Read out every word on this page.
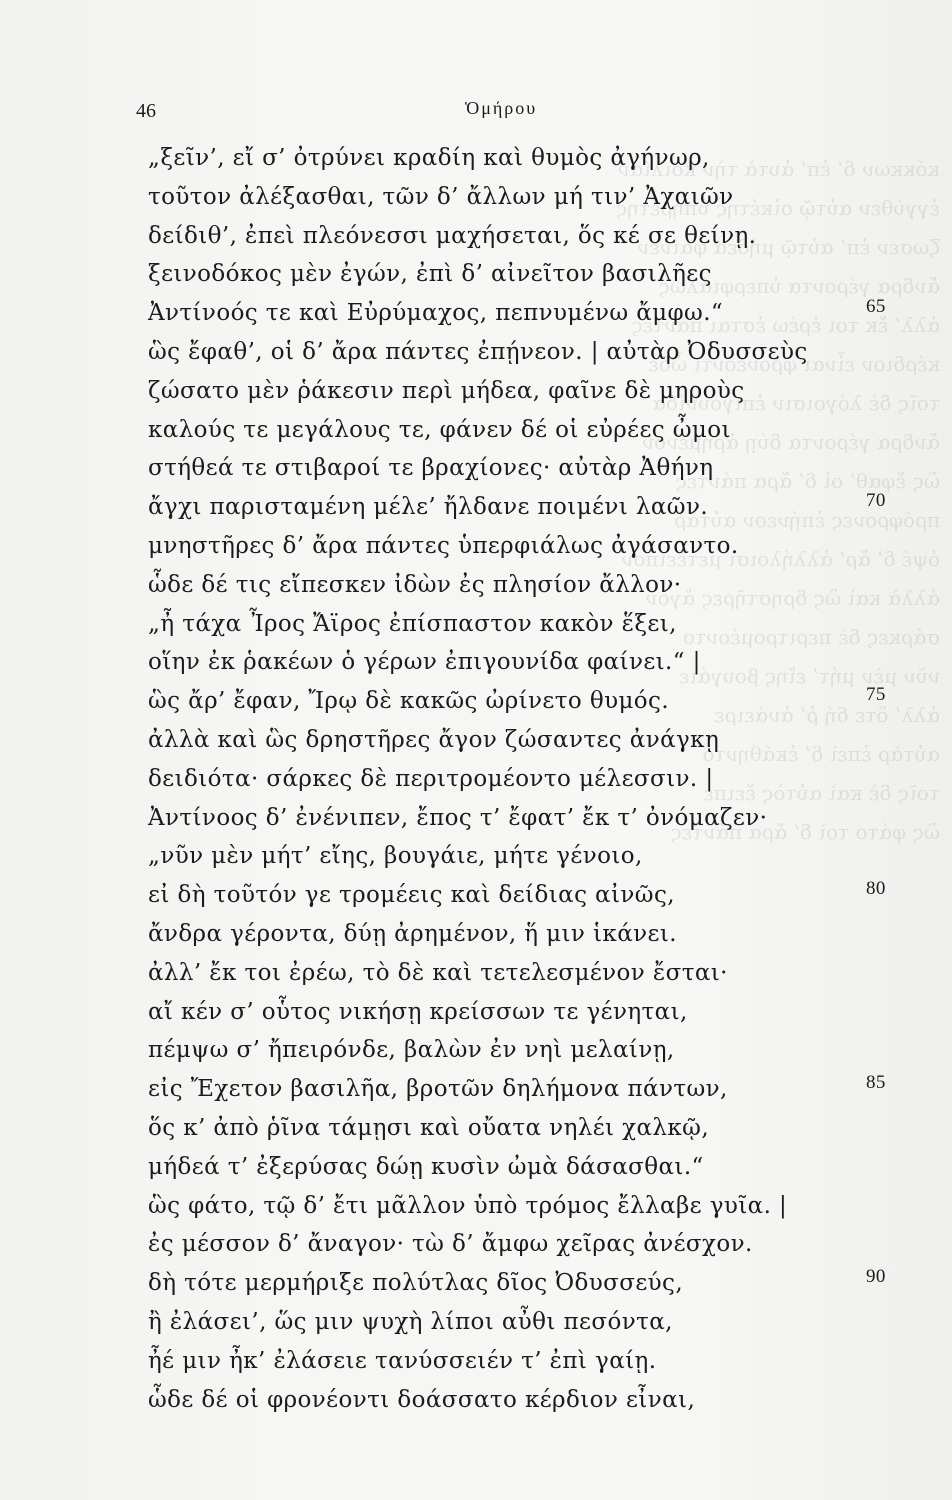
κόκκων δ’ ἐπ’ ἀυτὰ τὴν κοιλίαν
ἐγγύθεν αὐτῷ οἰκέτης ὑπηρέτης
ζωσεν ἐπ’ αὐτῷ μήδεα φαίνεν
ἄνδρα γέροντα ὑπερφιάλως
ἀλλ’ ἔκ τοι ἐρέω ἐσται πάντες
κέρδιον εἶναι φρονέοντι ὧδε
τοῖς δὲ λόγοισιν ἐπιγουνίδα
ἄνδρα γέροντα δύῃ ἀρημένον
ὣς ἔφαθ’ οἱ δ’ ἄρα πάντες
πρόφρονες ἐπῄνεον αὐτὰρ
ὀψέ δ’ ἄρ’ ἀλλήλοισι μετέειπον
ἀλλὰ καὶ ὣς δρηστῆρες ἄγον
σάρκες δὲ περιτρομέοντο
νῦν μὲν μήτ’ εἴης βουγάιε
ἀλλ’ ὅτε δή ῥ’ ἀνάειρε
αὐτὰρ ἐπεὶ δ’ ἐκάθηντο
τοῖς δὲ καὶ αὐτὸς ἔειπε
ὣς φάτο τοὶ δ’ ἄρα πάντες
46	Ὁμήρου
„ξεῖν’, εἴ σ’ ὀτρύνει κραδίη καὶ θυμὸς ἀγήνωρ,
τοῦτον ἀλέξασθαι, τῶν δ’ ἄλλων μή τιν’ Ἀχαιῶν
δείδιθ’, ἐπεὶ πλεόνεσσι μαχήσεται, ὅς κέ σε θείνῃ.
ξεινοδόκος μὲν ἐγών, ἐπὶ δ’ αἰνεῖτον βασιλῆες
Ἀντίνοός τε καὶ Εὐρύμαχος, πεπνυμένω ἄμφω.“	65
ὣς ἔφαθ’, οἱ δ’ ἄρα πάντες ἐπῄνεον. | αὐτὰρ Ὀδυσσεὺς
ζώσατο μὲν ῥάκεσιν περὶ μήδεα, φαῖνε δὲ μηροὺς
καλούς τε μεγάλους τε, φάνεν δέ οἱ εὐρέες ὦμοι
στήθεά τε στιβαροί τε βραχίονες· αὐτὰρ Ἀθήνη
ἄγχι παρισταμένη μέλε’ ἤλδανε ποιμένι λαῶν.	70
μνηστῆρες δ’ ἄρα πάντες ὑπερφιάλως ἀγάσαντο.
ὧδε δέ τις εἴπεσκεν ἰδὼν ἐς πλησίον ἄλλον·
„ἦ τάχα Ἶρος Ἄϊρος ἐπίσπαστον κακὸν ἕξει,
οἵην ἐκ ῥακέων ὁ γέρων ἐπιγουνίδα φαίνει.“ |
ὣς ἄρ’ ἔφαν, Ἴρῳ δὲ κακῶς ὠρίνετο θυμός.	75
ἀλλὰ καὶ ὣς δρηστῆρες ἄγον ζώσαντες ἀνάγκῃ
δειδιότα· σάρκες δὲ περιτρομέοντο μέλεσσιν. |
Ἀντίνοος δ’ ἐνένιπεν, ἔπος τ’ ἔφατ’ ἔκ τ’ ὀνόμαζεν·
„νῦν μὲν μήτ’ εἴης, βουγάιε, μήτε γένοιο,
εἰ δὴ τοῦτόν γε τρομέεις καὶ δείδιας αἰνῶς,	80
ἄνδρα γέροντα, δύῃ ἀρημένον, ἥ μιν ἱκάνει.
ἀλλ’ ἔκ τοι ἐρέω, τὸ δὲ καὶ τετελεσμένον ἔσται·
αἴ κέν σ’ οὗτος νικήσῃ κρείσσων τε γένηται,
πέμψω σ’ ἤπειρόνδε, βαλὼν ἐν νηὶ μελαίνῃ,
εἰς Ἔχετον βασιλῆα, βροτῶν δηλήμονα πάντων,	85
ὅς κ’ ἀπὸ ῥῖνα τάμῃσι καὶ οὔατα νηλέι χαλκῷ,
μήδεά τ’ ἐξερύσας δώῃ κυσὶν ὠμὰ δάσασθαι.“
ὣς φάτο, τῷ δ’ ἔτι μᾶλλον ὑπὸ τρόμος ἔλλαβε γυῖα. |
ἐς μέσσον δ’ ἄναγον· τὼ δ’ ἄμφω χεῖρας ἀνέσχον.
δὴ τότε μερμήριξε πολύτλας δῖος Ὀδυσσεύς,	90
ἢ ἐλάσει’, ὥς μιν ψυχὴ λίποι αὖθι πεσόντα,
ἦέ μιν ἦκ’ ἐλάσειε τανύσσειέν τ’ ἐπὶ γαίῃ.
ὧδε δέ οἱ φρονέοντι δοάσσατο κέρδιον εἶναι,
